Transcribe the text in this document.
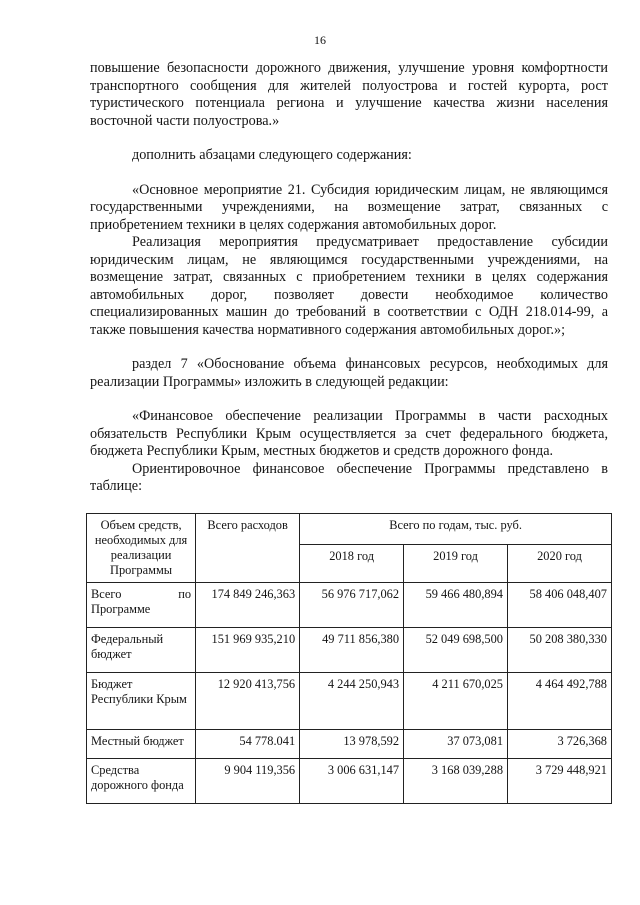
16

повышение безопасности дорожного движения, улучшение уровня комфортности транспортного сообщения для жителей полуострова и гостей курорта, рост туристического потенциала региона и улучшение качества жизни населения восточной части полуострова.»

дополнить абзацами следующего содержания:

«Основное мероприятие 21. Субсидия юридическим лицам, не являющимся государственными учреждениями, на возмещение затрат, связанных с приобретением техники в целях содержания автомобильных дорог.

Реализация мероприятия предусматривает предоставление субсидии юридическим лицам, не являющимся государственными учреждениями, на возмещение затрат, связанных с приобретением техники в целях содержания автомобильных дорог, позволяет довести необходимое количество специализированных машин до требований в соответствии с ОДН 218.014-99, а также повышения качества нормативного содержания автомобильных дорог.»;

раздел 7 «Обоснование объема финансовых ресурсов, необходимых для реализации Программы» изложить в следующей редакции:

«Финансовое обеспечение реализации Программы в части расходных обязательств Республики Крым осуществляется за счет федерального бюджета, бюджета Республики Крым, местных бюджетов и средств дорожного фонда.

Ориентировочное финансовое обеспечение Программы представлено в таблице:

Объем средств, необходимых для реализации Программы	Всего расходов	Всего по годам, тыс. руб.		
		2018 год	2019 год	2020 год
Всего по Программе	174 849 246,363	56 976 717,062	59 466 480,894	58 406 048,407
Федеральный бюджет	151 969 935,210	49 711 856,380	52 049 698,500	50 208 380,330
Бюджет Республики Крым	12 920 413,756	4 244 250,943	4 211 670,025	4 464 492,788
Местный бюджет	54 778.041	13 978,592	37 073,081	3 726,368
Средства дорожного фонда	9 904 119,356	3 006 631,147	3 168 039,288	3 729 448,921
